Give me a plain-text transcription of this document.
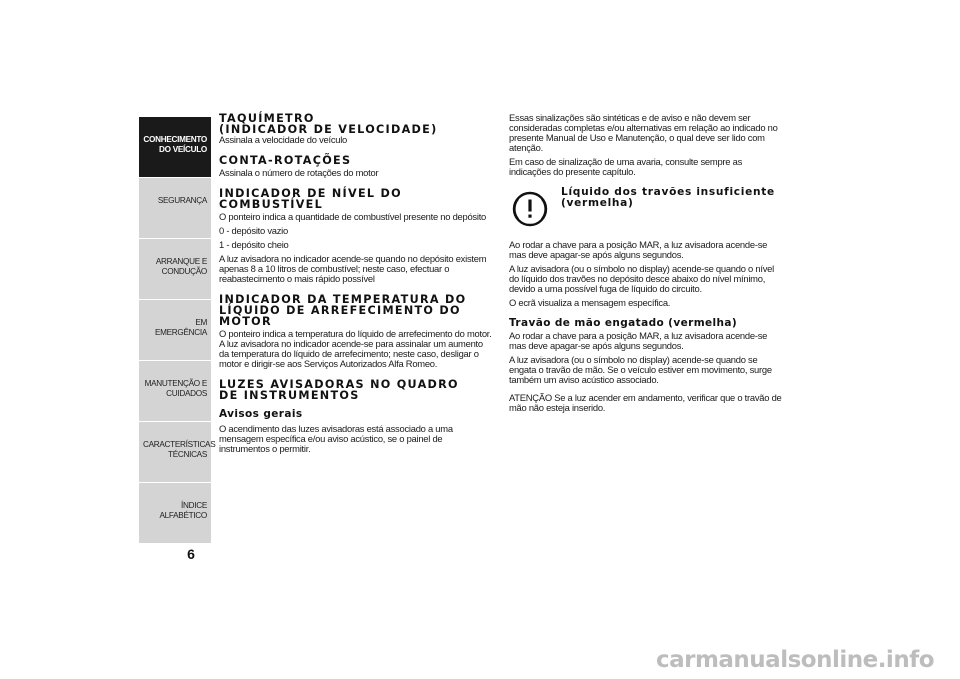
CONHECIMENTO
DO VEÍCULO
SEGURANÇA
ARRANQUE E
CONDUÇÃO
EM EMERGÊNCIA
MANUTENÇÃO E
CUIDADOS
CARACTERÍSTICAS
TÉCNICAS
ÍNDICE ALFABÉTICO
6
TAQUÍMETRO
(INDICADOR DE VELOCIDADE)

Assinala a velocidade do veículo

CONTA-ROTAÇÕES

Assinala o número de rotações do motor

INDICADOR DE NÍVEL DO COMBUSTÍVEL

O ponteiro indica a quantidade de combustível presente no depósito

0 - depósito vazio

1 - depósito cheio

A luz avisadora no indicador acende-se quando no depósito existem apenas 8 a 10 litros de combustível; neste caso, efectuar o reabastecimento o mais rápido possível

INDICADOR DA TEMPERATURA DO
LÍQUIDO DE ARREFECIMENTO DO
MOTOR

O ponteiro indica a temperatura do líquido de arrefecimento do motor. A luz avisadora no indicador acende-se para assinalar um aumento da temperatura do líquido de arrefecimento; neste caso, desligar o motor e dirigir-se aos Serviços Autorizados Alfa Romeo.

LUZES AVISADORAS NO QUADRO
DE INSTRUMENTOS
Avisos gerais

O acendimento das luzes avisadoras está associado a uma mensagem específica e/ou aviso acústico, se o painel de instrumentos o permitir.

Essas sinalizações são sintéticas e de aviso e não devem ser consideradas completas e/ou alternativas em relação ao indicado no presente Manual de Uso e Manutenção, o qual deve ser lido com atenção.

Em caso de sinalização de uma avaria, consulte sempre as indicações do presente capítulo.

Líquido dos travões insuficiente (vermelha)

Ao rodar a chave para a posição MAR, a luz avisadora acende-se mas deve apagar-se após alguns segundos.

A luz avisadora (ou o símbolo no display) acende-se quando o nível do líquido dos travões no depósito desce abaixo do nível mínimo, devido a uma possível fuga de líquido do circuito.

O ecrã visualiza a mensagem específica.

Travão de mão engatado (vermelha)

Ao rodar a chave para a posição MAR, a luz avisadora acende-se mas deve apagar-se após alguns segundos.

A luz avisadora (ou o símbolo no display) acende-se quando se engata o travão de mão. Se o veículo estiver em movimento, surge também um aviso acústico associado.

ATENÇÃO Se a luz acender em andamento, verificar que o travão de mão não esteja inserido.

carmanualsonline.info
